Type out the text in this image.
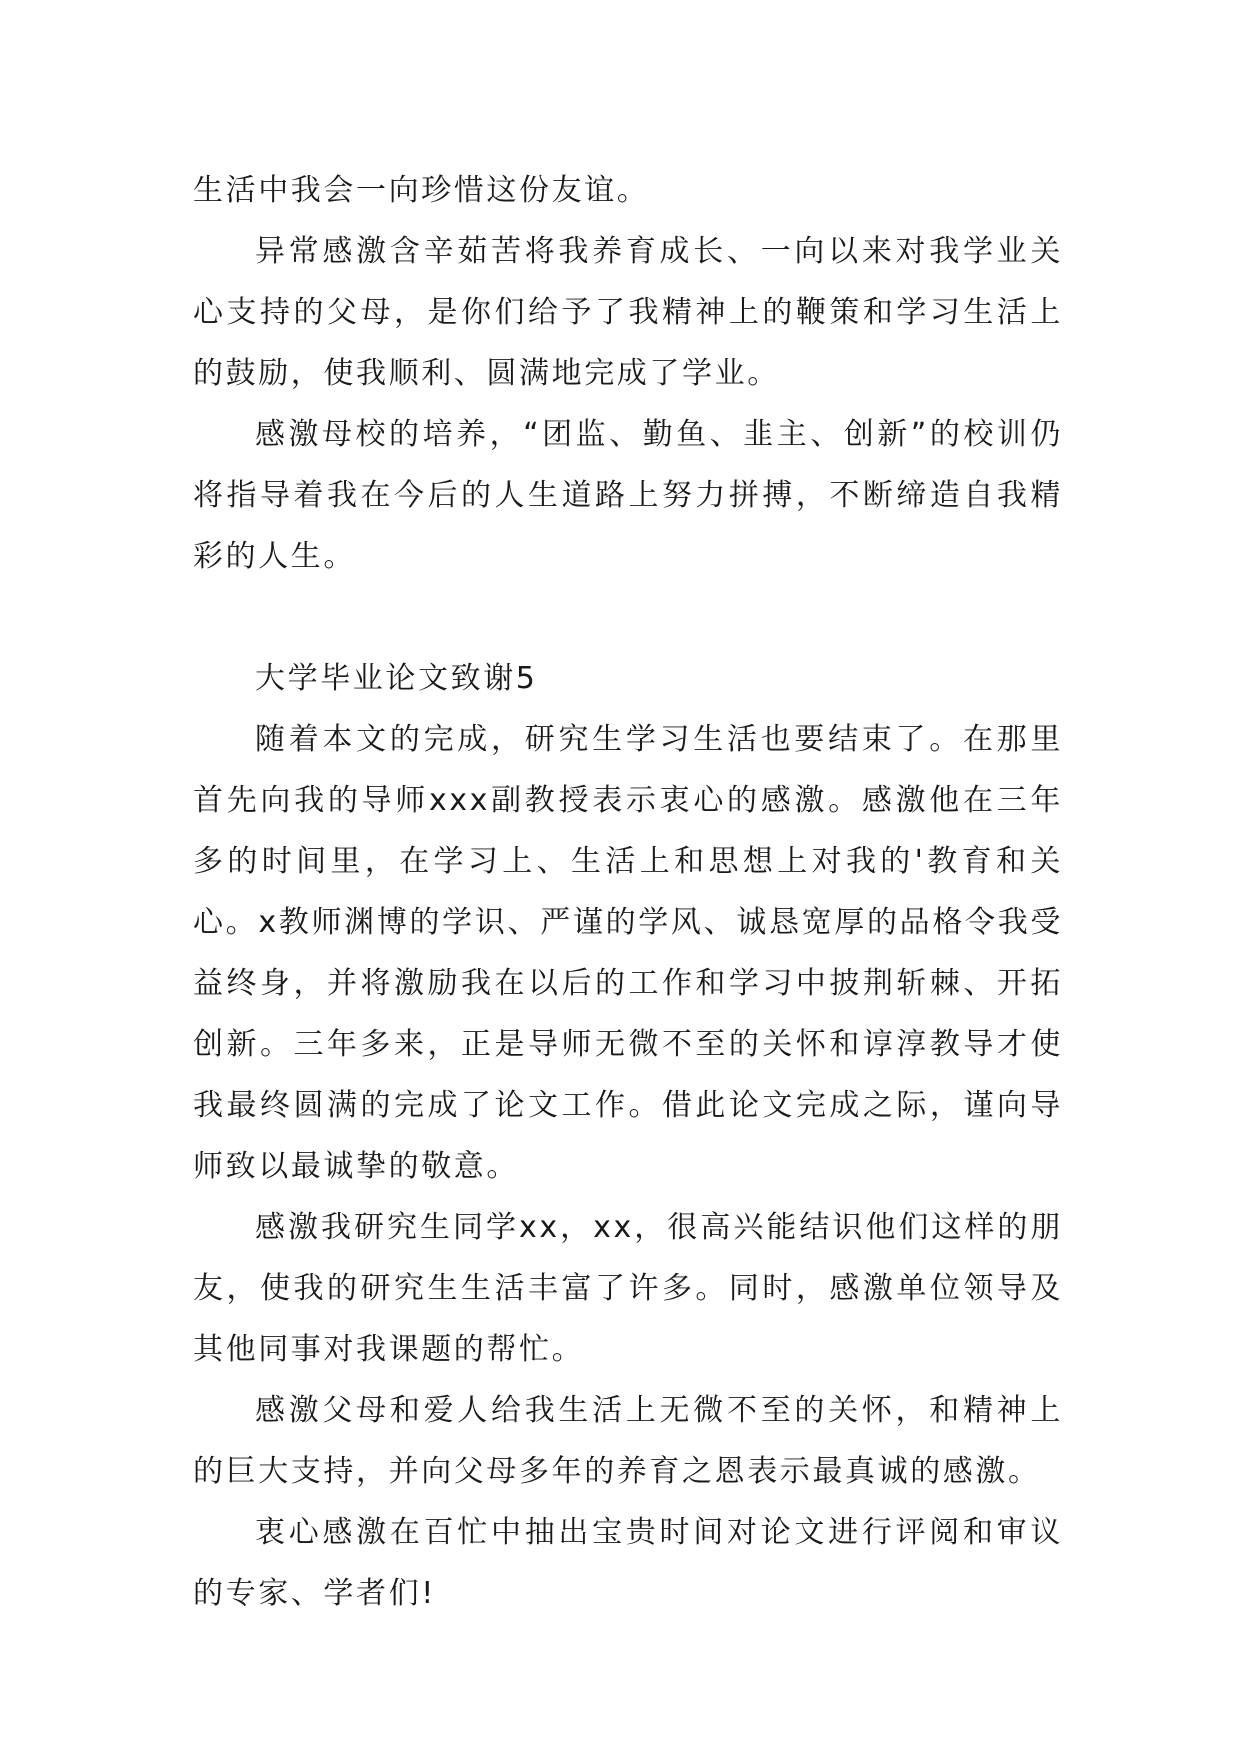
生活中我会一向珍惜这份友谊。

异常感激含辛茹苦将我养育成长、一向以来对我学业关心支持的父母，是你们给予了我精神上的鞭策和学习生活上的鼓励，使我顺利、圆满地完成了学业。

感激母校的培养，“团监、勤鱼、韭主、创新”的校训仍将指导着我在今后的人生道路上努力拼搏，不断缔造自我精彩的人生。

大学毕业论文致谢5

随着本文的完成，研究生学习生活也要结束了。在那里首先向我的导师xxx副教授表示衷心的感激。感激他在三年多的时间里，在学习上、生活上和思想上对我的'教育和关心。x教师渊博的学识、严谨的学风、诚恳宽厚的品格令我受益终身，并将激励我在以后的工作和学习中披荆斩棘、开拓创新。三年多来，正是导师无微不至的关怀和谆淳教导才使我最终圆满的完成了论文工作。借此论文完成之际，谨向导师致以最诚挚的敬意。

感激我研究生同学xx，xx，很高兴能结识他们这样的朋友，使我的研究生生活丰富了许多。同时，感激单位领导及其他同事对我课题的帮忙。

感激父母和爱人给我生活上无微不至的关怀，和精神上的巨大支持，并向父母多年的养育之恩表示最真诚的感激。

衷心感激在百忙中抽出宝贵时间对论文进行评阅和审议的专家、学者们!
